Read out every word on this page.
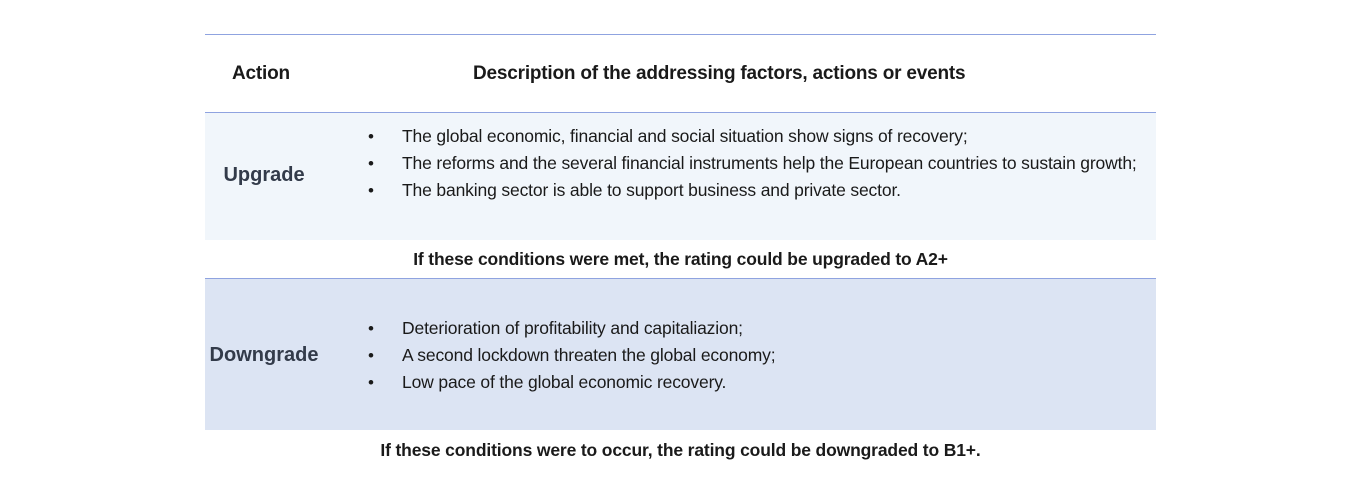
Action	Description of the addressing factors, actions or events
Upgrade
• The global economic, financial and social situation show signs of recovery;
• The reforms and the several financial instruments help the European countries to sustain growth;
• The banking sector is able to support business and private sector.
If these conditions were met, the rating could be upgraded to A2+
Downgrade
• Deterioration of profitability and capitaliazion;
• A second lockdown threaten the global economy;
• Low pace of the global economic recovery.
If these conditions were to occur, the rating could be downgraded to B1+.
